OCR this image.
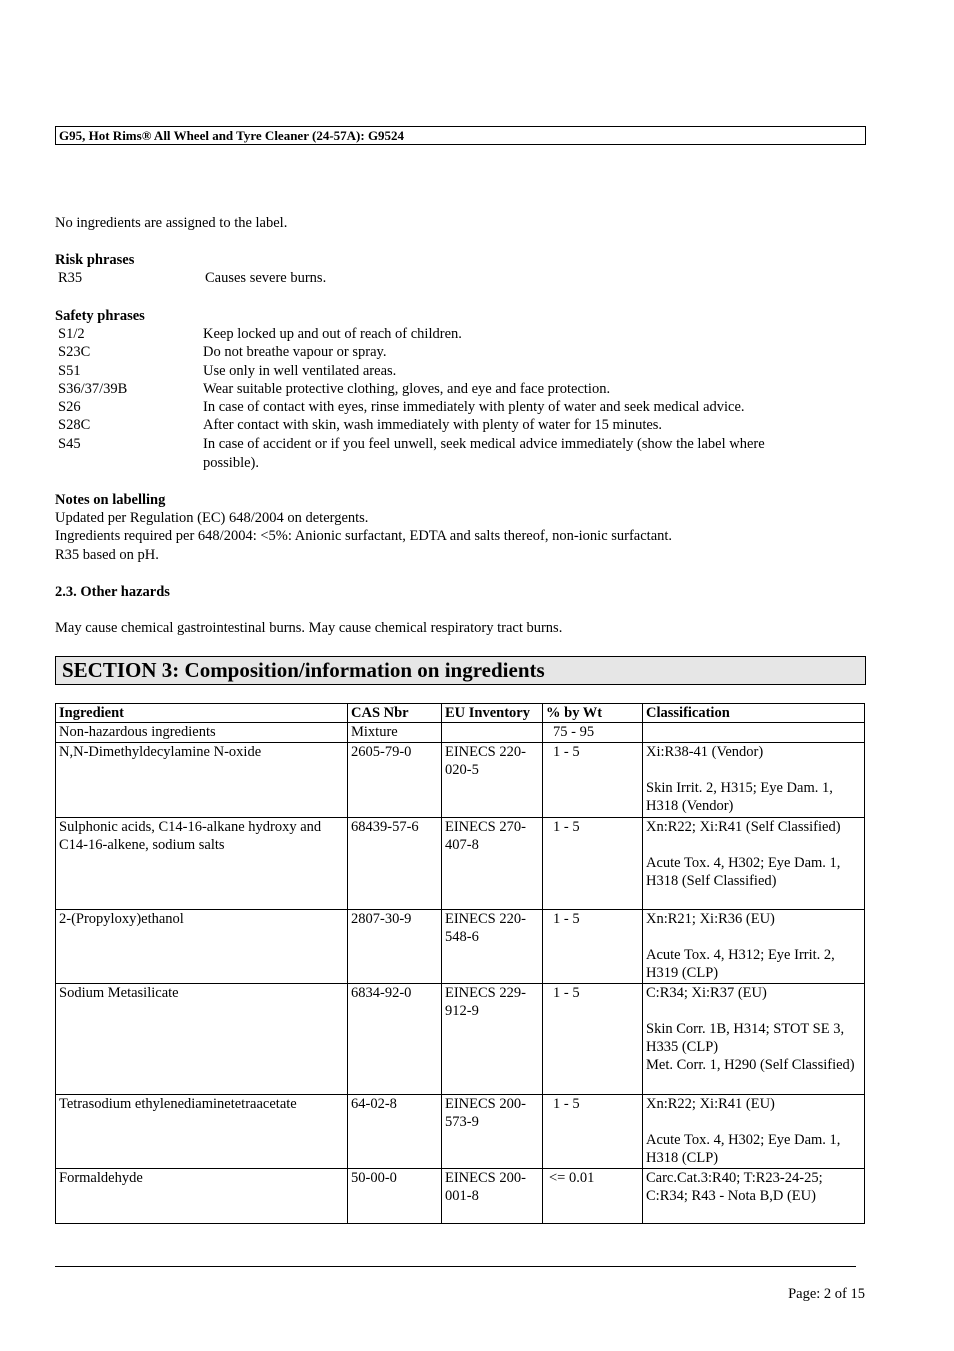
G95, Hot Rims® All Wheel and Tyre Cleaner (24-57A): G9524
No ingredients are assigned to the label.
Risk phrases
R35	Causes severe burns.
Safety phrases
S1/2	Keep locked up and out of reach of children.
S23C	Do not breathe vapour or spray.
S51	Use only in well ventilated areas.
S36/37/39B	Wear suitable protective clothing, gloves, and eye and face protection.
S26	In case of contact with eyes, rinse immediately with plenty of water and seek medical advice.
S28C	After contact with skin, wash immediately with plenty of water for 15 minutes.
S45	In case of accident or if you feel unwell, seek medical advice immediately (show the label where
possible).
Notes on labelling
Updated per Regulation (EC) 648/2004 on detergents.
Ingredients required per 648/2004: <5%: Anionic surfactant, EDTA and salts thereof, non-ionic surfactant.
R35 based on pH.
2.3. Other hazards
May cause chemical gastrointestinal burns. May cause chemical respiratory tract burns.
SECTION 3: Composition/information on ingredients
Ingredient	CAS Nbr	EU Inventory	% by Wt	Classification
Non-hazardous ingredients	Mixture		75 - 95	
N,N-Dimethyldecylamine N-oxide	2605-79-0	EINECS 220-020-5	1 - 5	Xi:R38-41 (Vendor)
Skin Irrit. 2, H315; Eye Dam. 1, H318 (Vendor)
Sulphonic acids, C14-16-alkane hydroxy and C14-16-alkene, sodium salts	68439-57-6	EINECS 270-407-8	1 - 5	Xn:R22; Xi:R41 (Self Classified)
Acute Tox. 4, H302; Eye Dam. 1, H318 (Self Classified)
2-(Propyloxy)ethanol	2807-30-9	EINECS 220-548-6	1 - 5	Xn:R21; Xi:R36 (EU)
Acute Tox. 4, H312; Eye Irrit. 2, H319 (CLP)
Sodium Metasilicate	6834-92-0	EINECS 229-912-9	1 - 5	C:R34; Xi:R37 (EU)
Skin Corr. 1B, H314; STOT SE 3, H335 (CLP)
Met. Corr. 1, H290 (Self Classified)
Tetrasodium ethylenediaminetetraacetate	64-02-8	EINECS 200-573-9	1 - 5	Xn:R22; Xi:R41 (EU)
Acute Tox. 4, H302; Eye Dam. 1, H318 (CLP)
Formaldehyde	50-00-0	EINECS 200-001-8	<= 0.01	Carc.Cat.3:R40; T:R23-24-25; C:R34; R43 - Nota B,D (EU)
Page: 2 of 15
